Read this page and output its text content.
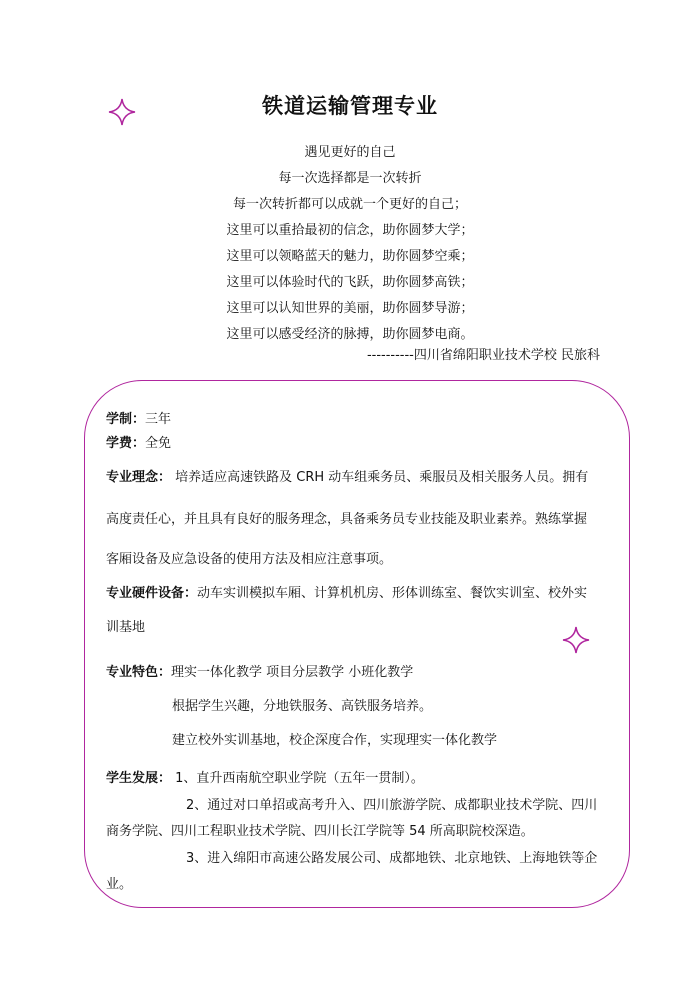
铁道运输管理专业
遇见更好的自己
每一次选择都是一次转折
每一次转折都可以成就一个更好的自己；
这里可以重拾最初的信念，助你圆梦大学；
这里可以领略蓝天的魅力，助你圆梦空乘；
这里可以体验时代的飞跃，助你圆梦高铁；
这里可以认知世界的美丽，助你圆梦导游；
这里可以感受经济的脉搏，助你圆梦电商。
----------四川省绵阳职业技术学校 民旅科
学制：三年
学费：全免
专业理念： 培养适应高速铁路及 CRH 动车组乘务员、乘服员及相关服务人员。拥有
高度责任心，并且具有良好的服务理念，具备乘务员专业技能及职业素养。熟练掌握
客厢设备及应急设备的使用方法及相应注意事项。
专业硬件设备：动车实训模拟车厢、计算机机房、形体训练室、餐饮实训室、校外实
训基地
专业特色：理实一体化教学 项目分层教学 小班化教学
根据学生兴趣，分地铁服务、高铁服务培养。
建立校外实训基地，校企深度合作，实现理实一体化教学
学生发展： 1、直升西南航空职业学院（五年一贯制）。
2、通过对口单招或高考升入、四川旅游学院、成都职业技术学院、四川
商务学院、四川工程职业技术学院、四川长江学院等 54 所高职院校深造。
3、进入绵阳市高速公路发展公司、成都地铁、北京地铁、上海地铁等企
业。
